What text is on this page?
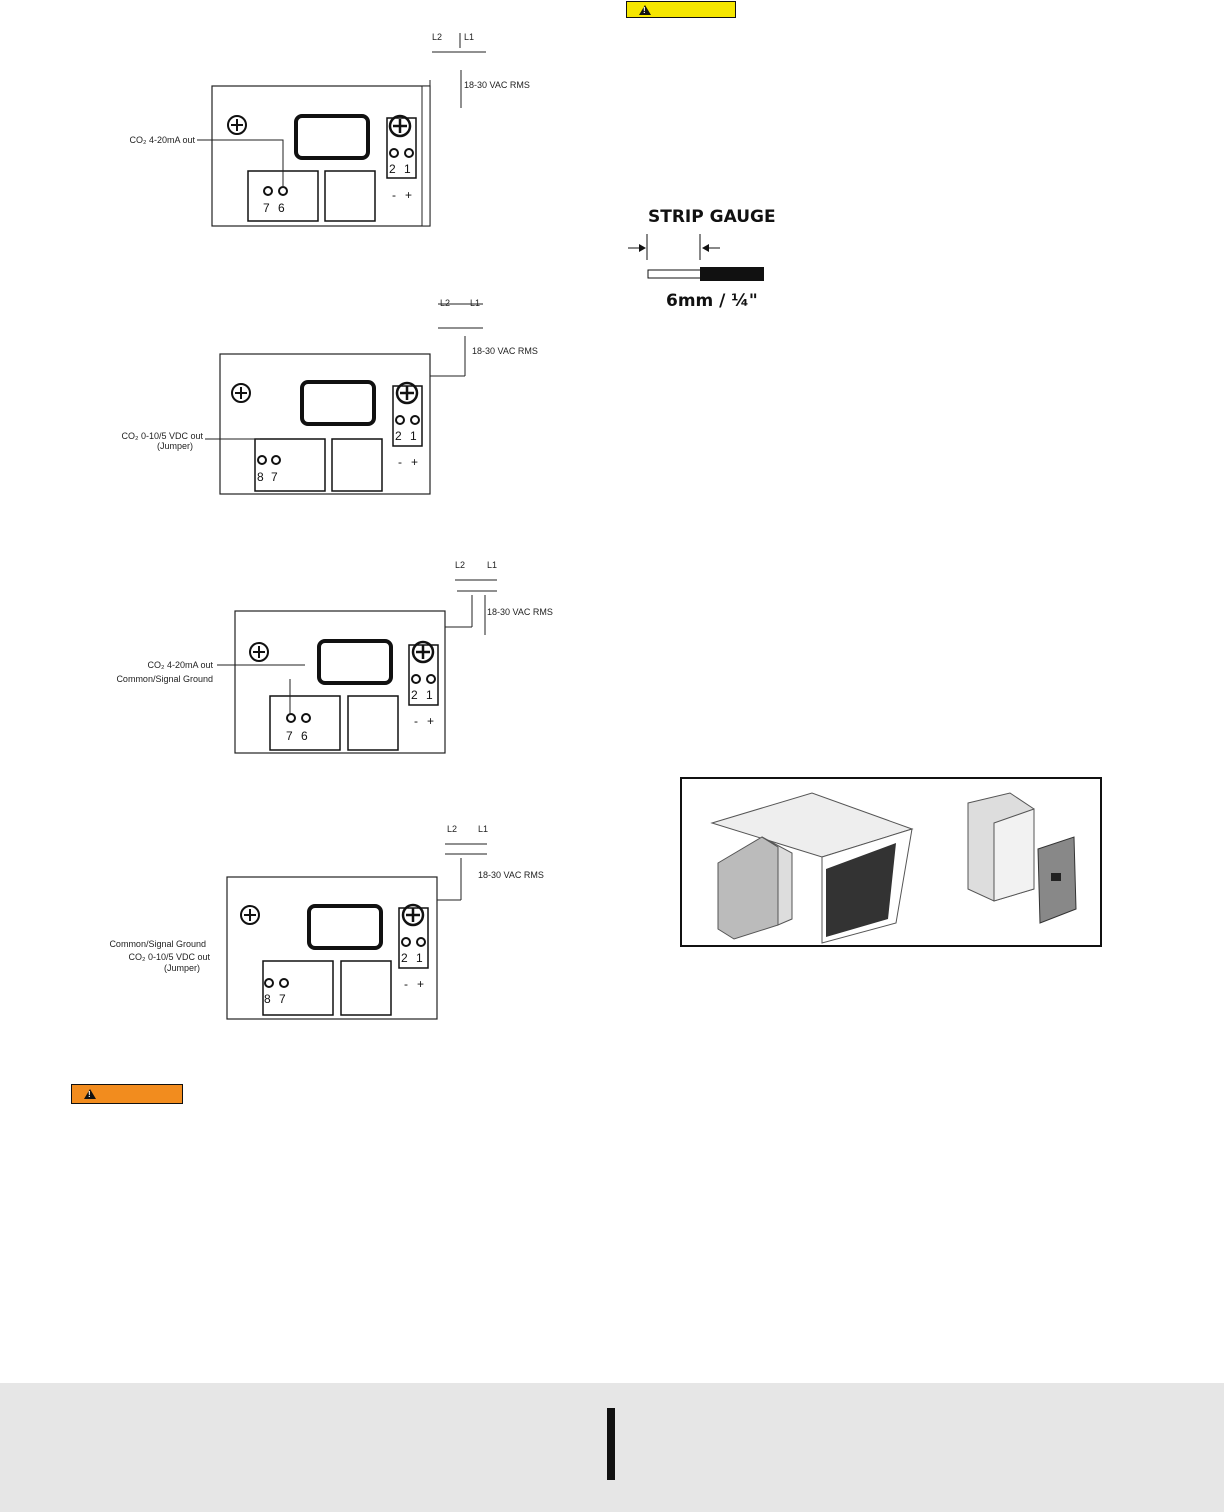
!
L2 L1
18-30 VAC RMS
2 1
- +
7 6
CO₂ 4-20mA out
L2 L1
18-30 VAC RMS
2 1
- +
8 7
CO₂ 0-10/5 VDC out
(Jumper)
STRIP GAUGE
6mm / ¼"
L2 L1
18-30 VAC RMS
2 1
- +
7 6
CO₂ 4-20mA out
Common/Signal Ground
L2 L1
18-30 VAC RMS
2 1
- +
8 7
Common/Signal Ground
CO₂ 0-10/5 VDC out
(Jumper)
!
